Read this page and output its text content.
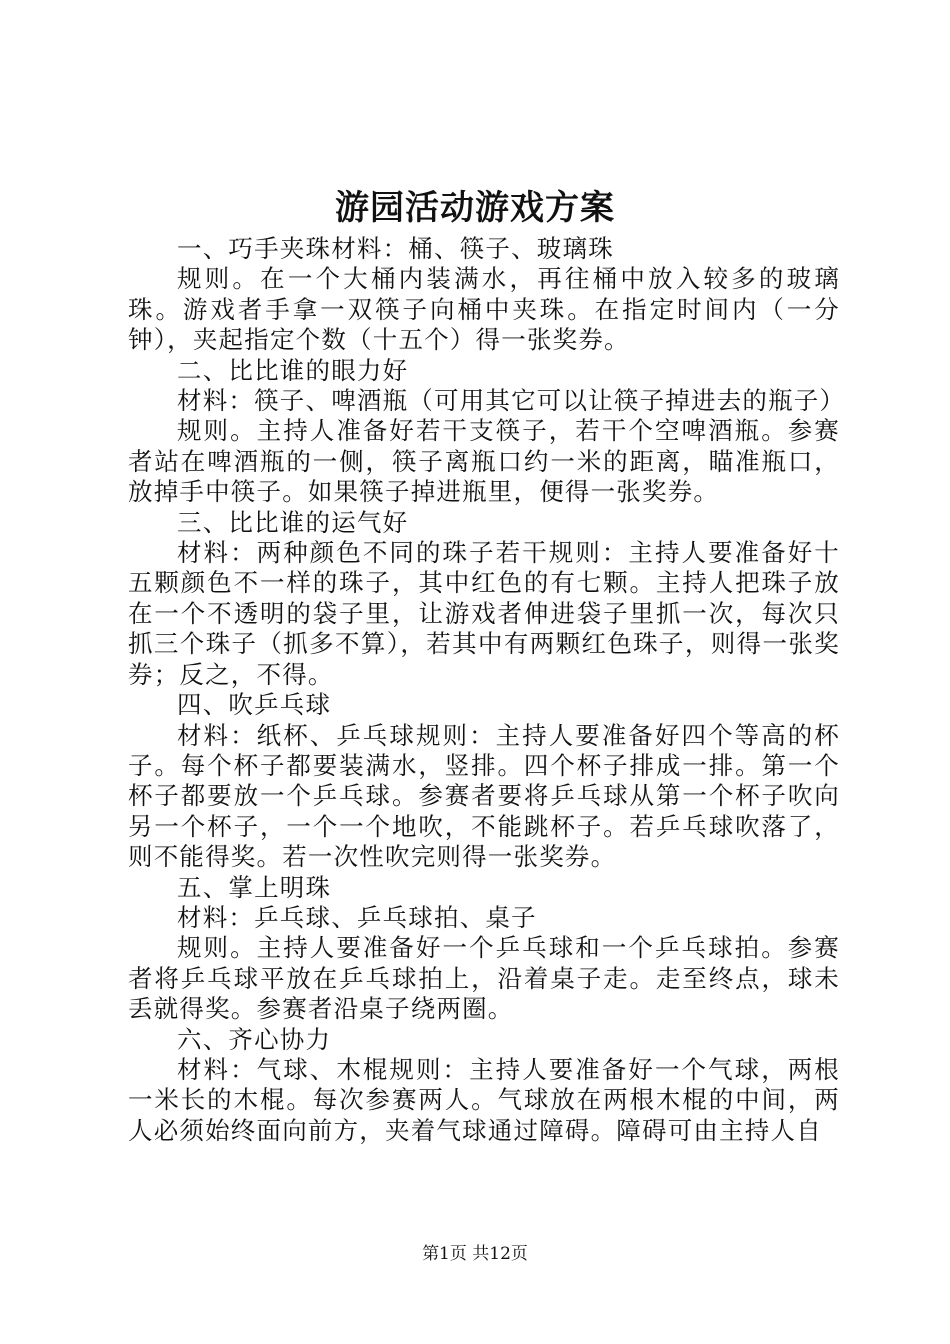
游园活动游戏方案

一、巧手夹珠材料：桶、筷子、玻璃珠

规则。在一个大桶内装满水，再往桶中放入较多的玻璃珠。游戏者手拿一双筷子向桶中夹珠。在指定时间内（一分钟），夹起指定个数（十五个）得一张奖券。

二、比比谁的眼力好

材料：筷子、啤酒瓶（可用其它可以让筷子掉进去的瓶子）

规则。主持人准备好若干支筷子，若干个空啤酒瓶。参赛者站在啤酒瓶的一侧，筷子离瓶口约一米的距离，瞄准瓶口，放掉手中筷子。如果筷子掉进瓶里，便得一张奖券。

三、比比谁的运气好

材料：两种颜色不同的珠子若干规则：主持人要准备好十五颗颜色不一样的珠子，其中红色的有七颗。主持人把珠子放在一个不透明的袋子里，让游戏者伸进袋子里抓一次，每次只抓三个珠子（抓多不算），若其中有两颗红色珠子，则得一张奖券；反之，不得。

四、吹乒乓球

材料：纸杯、乒乓球规则：主持人要准备好四个等高的杯子。每个杯子都要装满水，竖排。四个杯子排成一排。第一个杯子都要放一个乒乓球。参赛者要将乒乓球从第一个杯子吹向另一个杯子，一个一个地吹，不能跳杯子。若乒乓球吹落了，则不能得奖。若一次性吹完则得一张奖券。

五、掌上明珠

材料：乒乓球、乒乓球拍、桌子

规则。主持人要准备好一个乒乓球和一个乒乓球拍。参赛者将乒乓球平放在乒乓球拍上，沿着桌子走。走至终点，球未丢就得奖。参赛者沿桌子绕两圈。

六、齐心协力

材料：气球、木棍规则：主持人要准备好一个气球，两根一米长的木棍。每次参赛两人。气球放在两根木棍的中间，两人必须始终面向前方，夹着气球通过障碍。障碍可由主持人自

第1页 共12页
